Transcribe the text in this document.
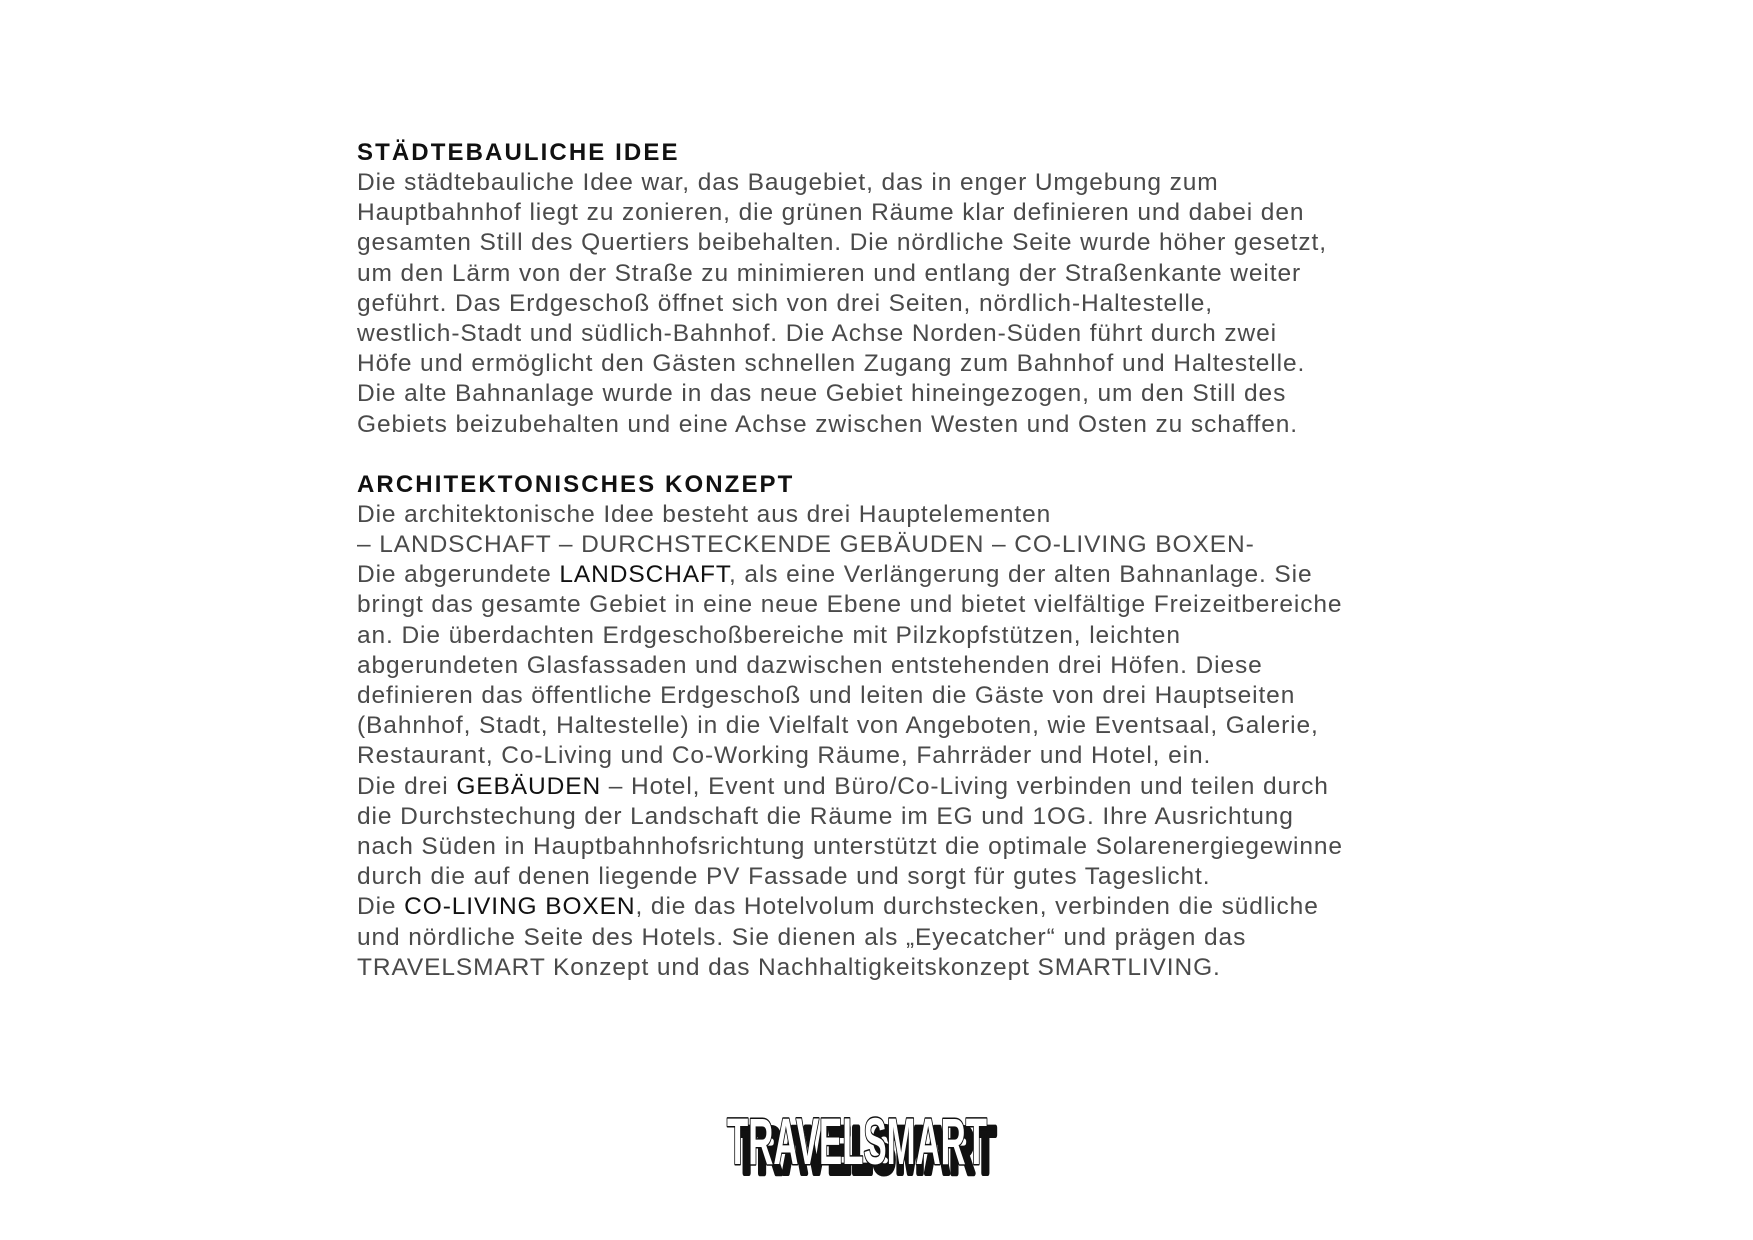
STÄDTEBAULICHE IDEE
Die städtebauliche Idee war, das Baugebiet, das in enger Umgebung zum
Hauptbahnhof liegt zu zonieren, die grünen Räume klar definieren und dabei den
gesamten Still des Quertiers beibehalten. Die nördliche Seite wurde höher gesetzt,
um den Lärm von der Straße zu minimieren und entlang der Straßenkante weiter
geführt. Das Erdgeschoß öffnet sich von drei Seiten, nördlich-Haltestelle,
westlich-Stadt und südlich-Bahnhof. Die Achse Norden-Süden führt durch zwei
Höfe und ermöglicht den Gästen schnellen Zugang zum Bahnhof und Haltestelle.
Die alte Bahnanlage wurde in das neue Gebiet hineingezogen, um den Still des
Gebiets beizubehalten und eine Achse zwischen Westen und Osten zu schaffen.
ARCHITEKTONISCHES KONZEPT
Die architektonische Idee besteht aus drei Hauptelementen
– LANDSCHAFT – DURCHSTECKENDE GEBÄUDEN – CO-LIVING BOXEN-
Die abgerundete LANDSCHAFT, als eine Verlängerung der alten Bahnanlage. Sie
bringt das gesamte Gebiet in eine neue Ebene und bietet vielfältige Freizeitbereiche
an. Die überdachten Erdgeschoßbereiche mit Pilzkopfstützen, leichten
abgerundeten Glasfassaden und dazwischen entstehenden drei Höfen. Diese
definieren das öffentliche Erdgeschoß und leiten die Gäste von drei Hauptseiten
(Bahnhof, Stadt, Haltestelle) in die Vielfalt von Angeboten, wie Eventsaal, Galerie,
Restaurant, Co-Living und Co-Working Räume, Fahrräder und Hotel, ein.
Die drei GEBÄUDEN – Hotel, Event und Büro/Co-Living verbinden und teilen durch
die Durchstechung der Landschaft die Räume im EG und 1OG. Ihre Ausrichtung
nach Süden in Hauptbahnhofsrichtung unterstützt die optimale Solarenergiegewinne
durch die auf denen liegende PV Fassade und sorgt für gutes Tageslicht.
Die CO-LIVING BOXEN, die das Hotelvolum durchstecken, verbinden die südliche
und nördliche Seite des Hotels. Sie dienen als „Eyecatcher“ und prägen das
TRAVELSMART Konzept und das Nachhaltigkeitskonzept SMARTLIVING.
TRAVELSMART
TRAVELSMART
